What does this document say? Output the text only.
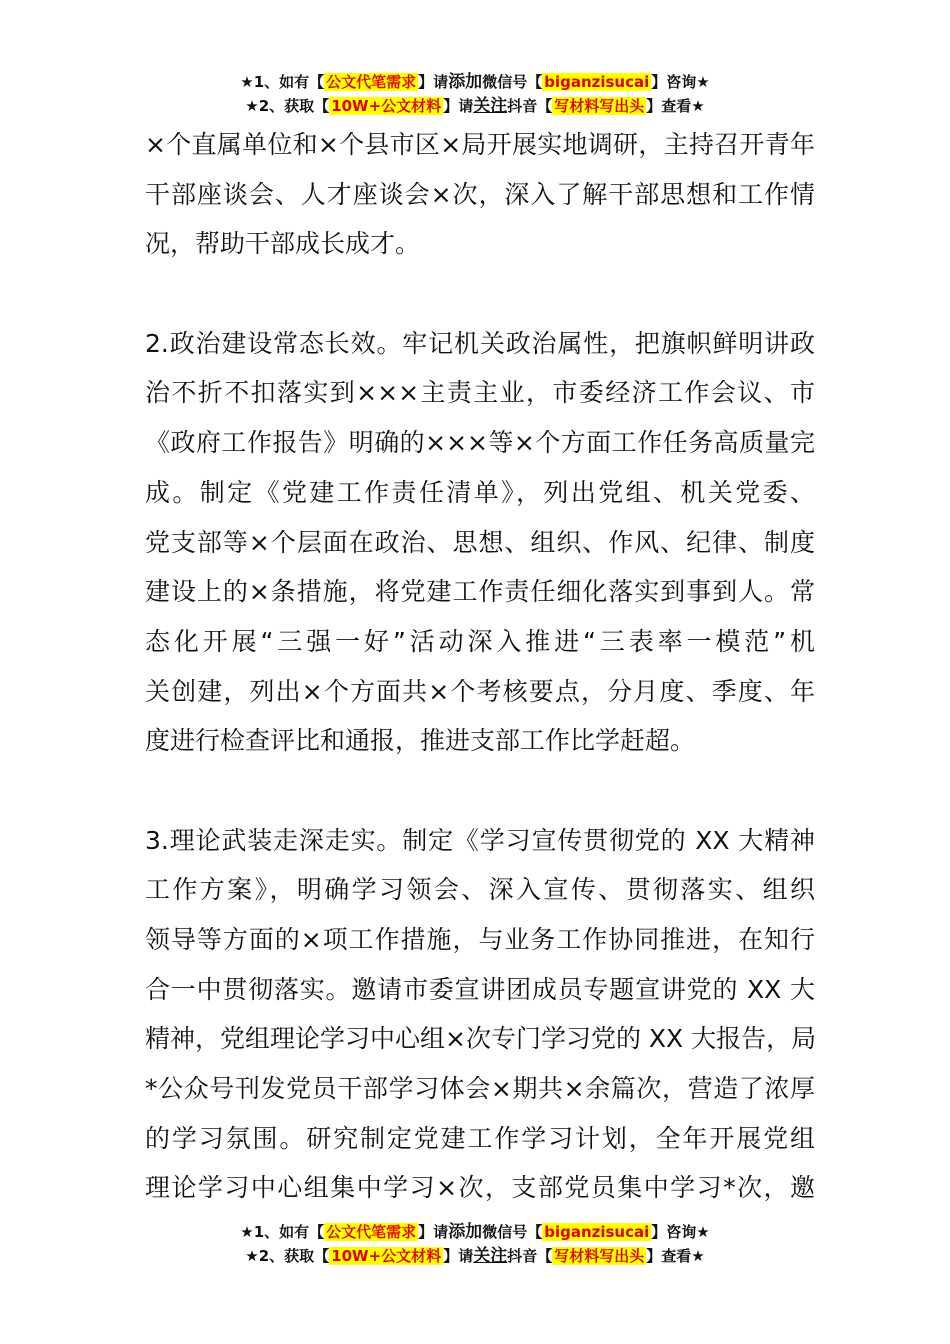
★1、如有【 公文代笔需求 】请添加微信号【 biganzisucai 】咨询★
★2、获取【 10W+公文材料 】请关注抖音【 写材料写出头 】查看★
×个直属单位和×个县市区×局开展实地调研，主持召开青年
干部座谈会、人才座谈会×次，深入了解干部思想和工作情
况，帮助干部成长成才。
2.政治建设常态长效。牢记机关政治属性，把旗帜鲜明讲政
治不折不扣落实到×××主责主业，市委经济工作会议、市
《政府工作报告》明确的×××等×个方面工作任务高质量完
成。制定《党建工作责任清单》，列出党组、机关党委、
党支部等×个层面在政治、思想、组织、作风、纪律、制度
建设上的×条措施，将党建工作责任细化落实到事到人。常
态化开展“三强一好”活动深入推进“三表率一模范”机
关创建，列出×个方面共×个考核要点，分月度、季度、年
度进行检查评比和通报，推进支部工作比学赶超。
3.理论武装走深走实。制定《学习宣传贯彻党的 XX 大精神
工作方案》，明确学习领会、深入宣传、贯彻落实、组织
领导等方面的×项工作措施，与业务工作协同推进，在知行
合一中贯彻落实。邀请市委宣讲团成员专题宣讲党的 XX 大
精神，党组理论学习中心组×次专门学习党的 XX 大报告，局
*公众号刊发党员干部学习体会×期共×余篇次，营造了浓厚
的学习氛围。研究制定党建工作学习计划，全年开展党组
理论学习中心组集中学习×次，支部党员集中学习*次，邀
★1、如有【 公文代笔需求 】请添加微信号【 biganzisucai 】咨询★
★2、获取【 10W+公文材料 】请关注抖音【 写材料写出头 】查看★
